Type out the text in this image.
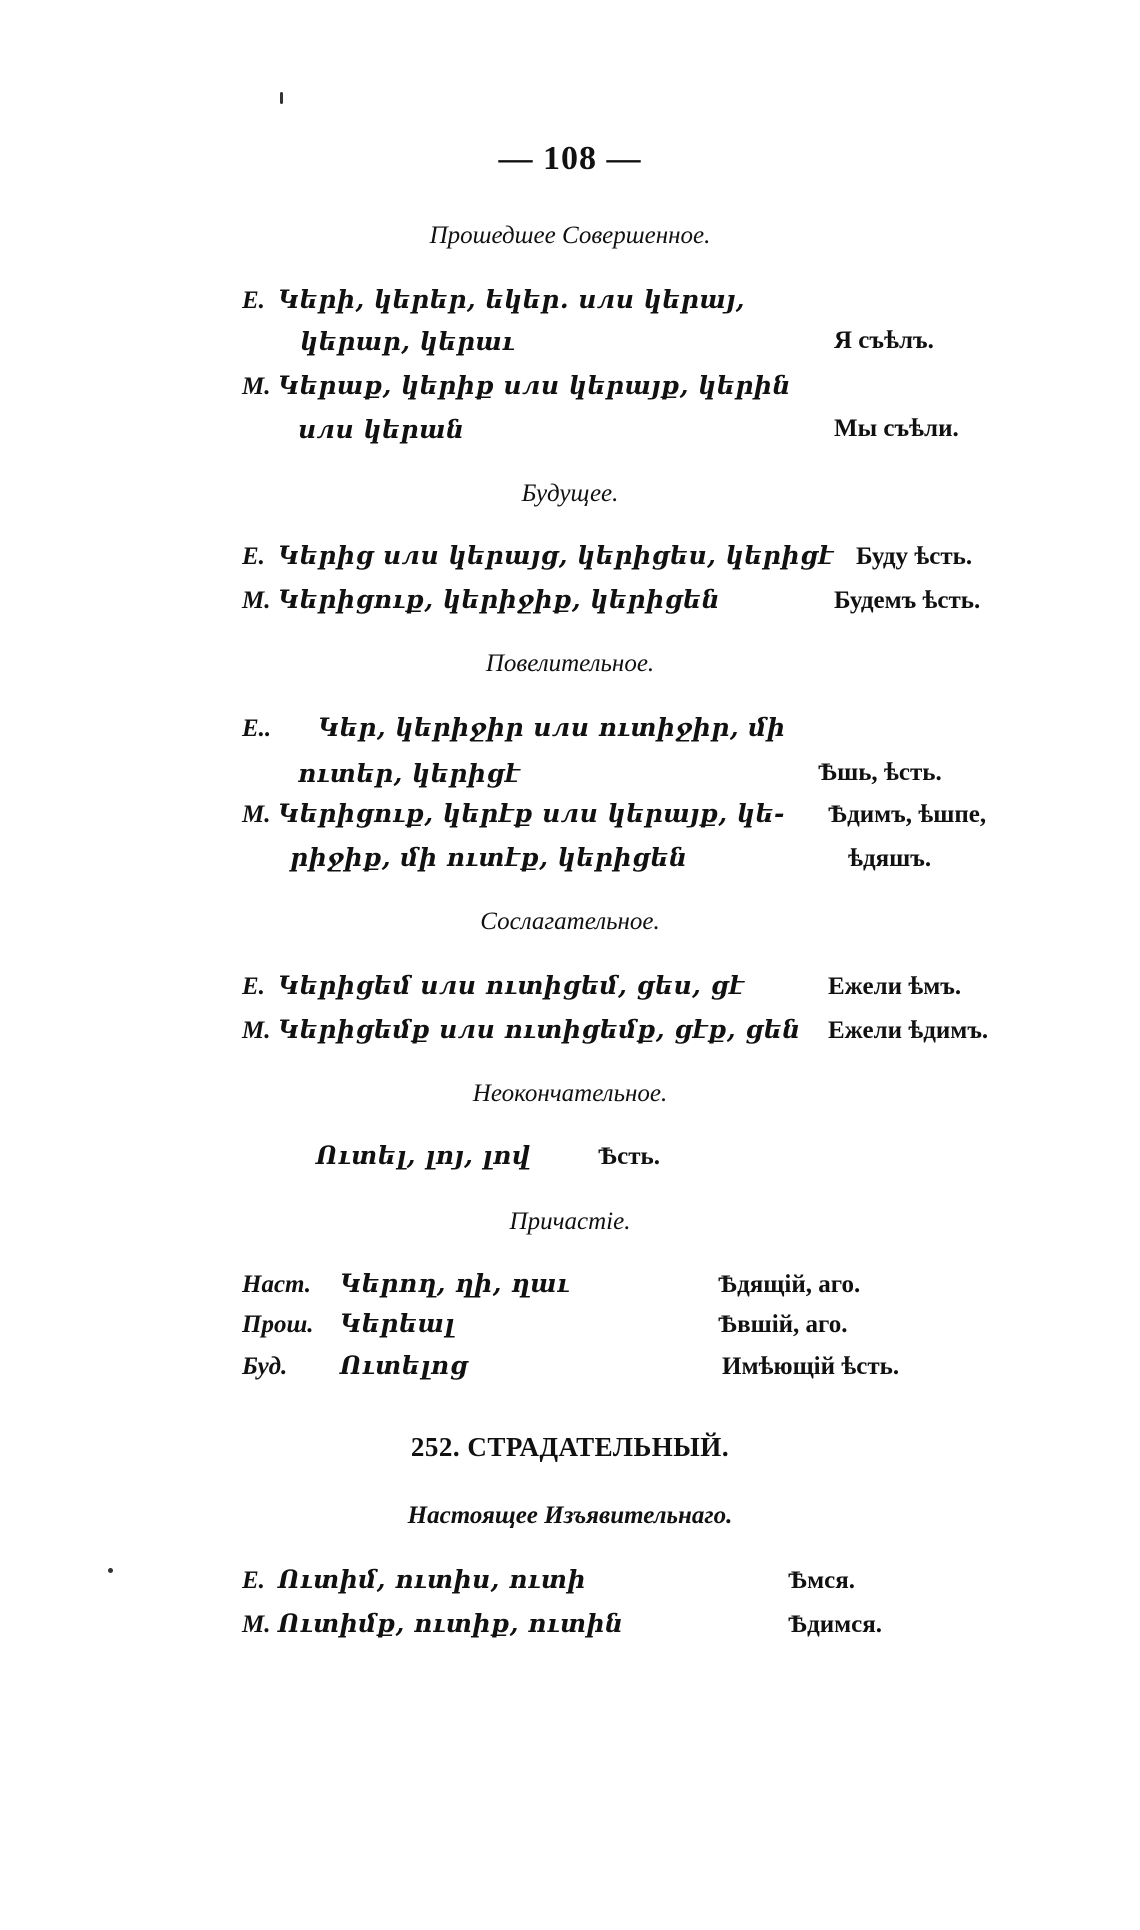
— 108 —
Прошедшее Совершенное.
Е. Կերի, կերեր, եկեր. или կերայ,
կերար, կերաւ	Я съѣлъ.
М. Կերաք, կերիք или կերայք, կերին
или կերան	Мы съѣли.
Будущее.
Е. Կերից или կերայց, կերիցես, կերիցէ Буду ѣсть.
М. Կերիցուք, կերիջիք, կերիցեն	Будемъ ѣсть.
Повелительное.
Е.. Կեր, կերիջիր или ուտիջիր, մի
ուտեր, կերիցէ	Ѣшь, ѣсть.
М. Կերիցուք, կերէք или կերայք, կե- Ѣдимъ, ѣшпе,
րիջիք, մի ուտէք, կերիցեն	ѣдяшъ.
Сослагательное.
Е. Կերիցեմ или ուտիցեմ, ցես, ցէ	Ежели ѣмъ.
М. Կերիցեմք или ուտիցեմք, ցէք, ցեն Ежели ѣдимъ.
Неокончательное.
Ուտել, լոյ, լով	Ѣсть.
Причастіе.
Наст. Կերող, ղի, ղաւ	Ѣдящій, аго.
Прош. Կերեալ	Ѣвшій, аго.
Буд. Ուտելոց	Имѣющій ѣсть.
252. СТРАДАТЕЛЬНЫЙ.
Настоящее Изъявительнаго.
Е. Ուտիմ, ուտիս, ուտի	Ѣмся.
М. Ուտիմք, ուտիք, ուտին	Ѣдимся.
